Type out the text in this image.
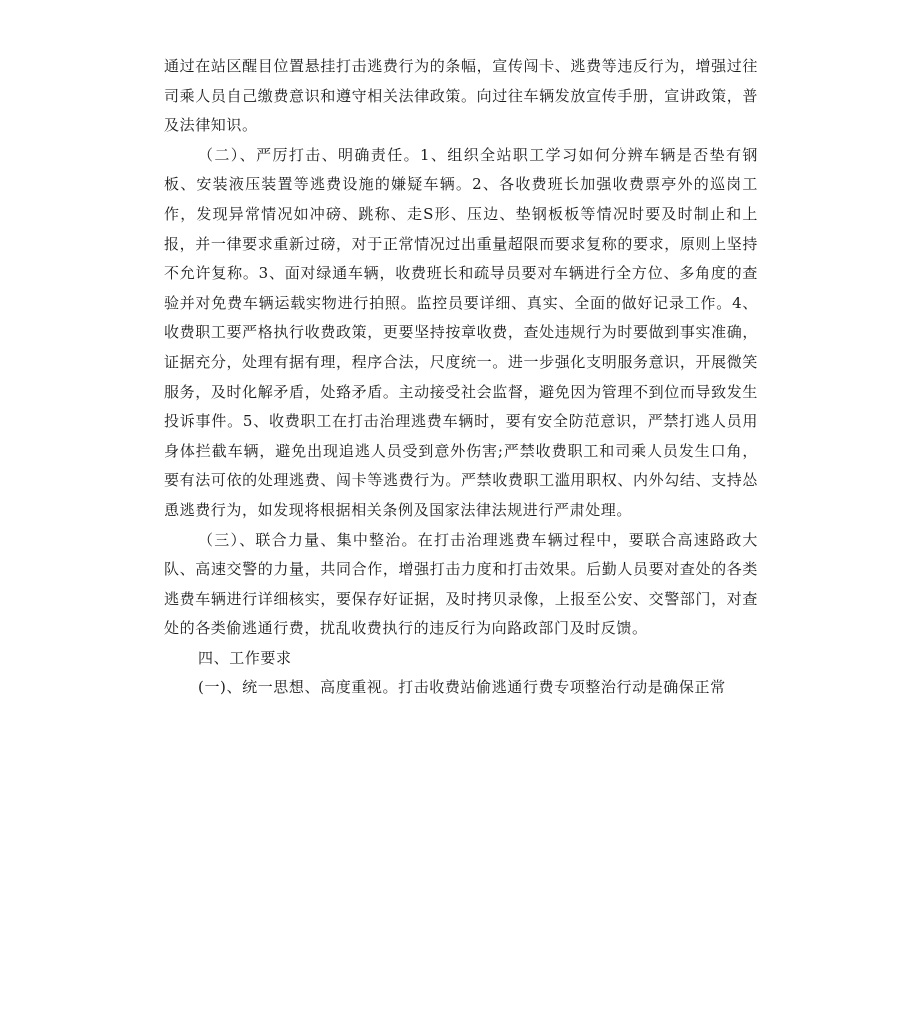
通过在站区醒目位置悬挂打击逃费行为的条幅，宣传闯卡、逃费等违反行为，增强过往司乘人员自己缴费意识和遵守相关法律政策。向过往车辆发放宣传手册，宣讲政策，普及法律知识。

（二）、严厉打击、明确责任。1、组织全站职工学习如何分辨车辆是否垫有钢板、安装液压装置等逃费设施的嫌疑车辆。2、各收费班长加强收费票亭外的巡岗工作，发现异常情况如冲磅、跳称、走S形、压边、垫钢板板等情况时要及时制止和上报，并一律要求重新过磅，对于正常情况过出重量超限而要求复称的要求，原则上坚持不允许复称。3、面对绿通车辆，收费班长和疏导员要对车辆进行全方位、多角度的查验并对免费车辆运载实物进行拍照。监控员要详细、真实、全面的做好记录工作。4、收费职工要严格执行收费政策，更要坚持按章收费，查处违规行为时要做到事实准确，证据充分，处理有据有理，程序合法，尺度统一。进一步强化支明服务意识，开展微笑服务，及时化解矛盾，处臵矛盾。主动接受社会监督，避免因为管理不到位而导致发生投诉事件。5、收费职工在打击治理逃费车辆时，要有安全防范意识，严禁打逃人员用身体拦截车辆，避免出现追逃人员受到意外伤害;严禁收费职工和司乘人员发生口角，要有法可依的处理逃费、闯卡等逃费行为。严禁收费职工滥用职权、内外勾结、支持怂恿逃费行为，如发现将根据相关条例及国家法律法规进行严肃处理。

（三）、联合力量、集中整治。在打击治理逃费车辆过程中，要联合高速路政大队、高速交警的力量，共同合作，增强打击力度和打击效果。后勤人员要对查处的各类逃费车辆进行详细核实，要保存好证据，及时拷贝录像，上报至公安、交警部门，对查处的各类偷逃通行费，扰乱收费执行的违反行为向路政部门及时反馈。

四、工作要求

(一)、统一思想、高度重视。打击收费站偷逃通行费专项整治行动是确保正常
